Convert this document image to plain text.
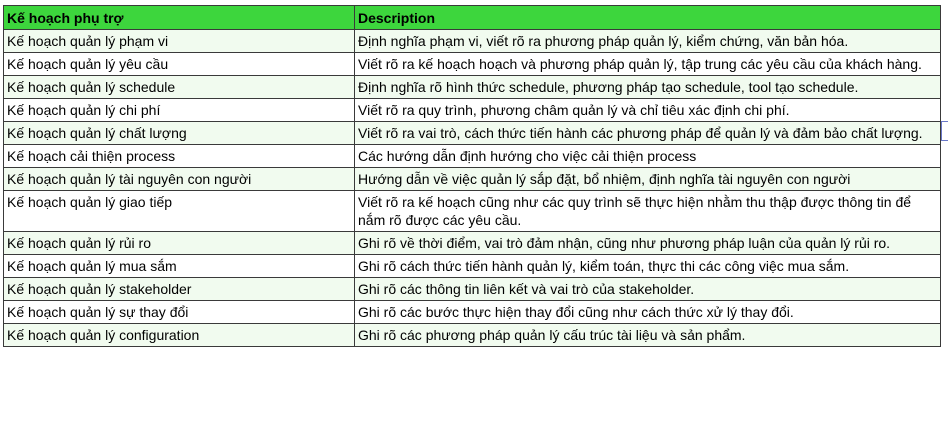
Kế hoạch phụ trợ	Description
Kế hoạch quản lý phạm vi	Định nghĩa phạm vi, viết rõ ra phương pháp quản lý, kiểm chứng, văn bản hóa.
Kế hoạch quản lý yêu cầu	Viết rõ ra kế hoạch hoạch và phương pháp quản lý, tập trung các yêu cầu của khách hàng.
Kế hoạch quản lý schedule	Định nghĩa rõ hình thức schedule, phương pháp tạo schedule, tool tạo schedule.
Kế hoạch quản lý chi phí	Viết rõ ra quy trình, phương châm quản lý và chỉ tiêu xác định chi phí.
Kế hoạch quản lý chất lượng	Viết rõ ra vai trò, cách thức tiến hành các phương pháp để quản lý và đảm bảo chất lượng.
Kế hoạch cải thiện process	Các hướng dẫn định hướng cho việc cải thiện process
Kế hoạch quản lý tài nguyên con người	Hướng dẫn về việc quản lý sắp đặt, bổ nhiệm, định nghĩa tài nguyên con người
Kế hoạch quản lý giao tiếp	Viết rõ ra kế hoạch cũng như các quy trình sẽ thực hiện nhằm thu thập được thông tin để nắm rõ được các yêu cầu.
Kế hoạch quản lý rủi ro	Ghi rõ về thời điểm, vai trò đảm nhận, cũng như phương pháp luận của quản lý rủi ro.
Kế hoạch quản lý mua sắm	Ghi rõ cách thức tiến hành quản lý, kiểm toán, thực thi các công việc mua sắm.
Kế hoạch quản lý stakeholder	Ghi rõ các thông tin liên kết và vai trò của stakeholder.
Kế hoạch quản lý sự thay đổi	Ghi rõ các bước thực hiện thay đổi cũng như cách thức xử lý thay đổi.
Kế hoạch quản lý configuration	Ghi rõ các phương pháp quản lý cấu trúc tài liệu và sản phẩm.
